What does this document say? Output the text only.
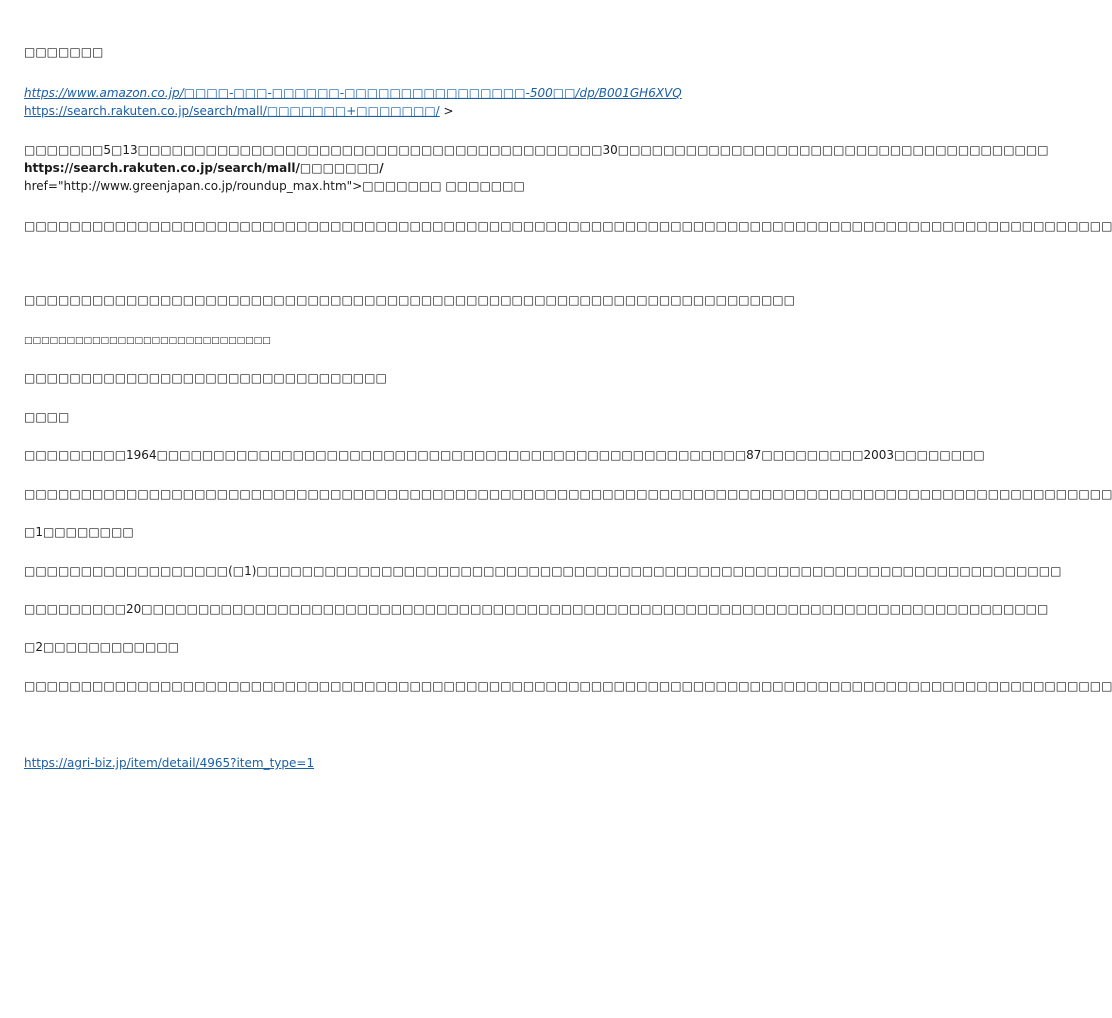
□□□□□□□
https://www.amazon.co.jp/□□□□-□□□-□□□□□□-□□□□□□□□□□□□□□□□-500□□/dp/B001GH6XVQ
https://search.rakuten.co.jp/search/mall/□□□□□□□+□□□□□□□/ >
□□□□□□□5□13□□□□□□□□□□□□□□□□□□□□□□□□□□□□□□□□□□□□□□□□□30□□□□□□□□□□□□□□□□□□□□□□□□□□□□□□□□□□□□□□
https://search.rakuten.co.jp/search/mall/□□□□□□□/
href="http://www.greenjapan.co.jp/roundup_max.htm">□□□□□□□ □□□□□□□
□□□□□□□□□□□□□□□□□□□□□□□□□□□□□□□□□□□□□□□□□□□□□□□□□□□□□□□□□□□□□□□□□□□□□□□□□□□□□□□□□□□□□□□□□□□□□□□□
□□□□□□□□□□□□□□□□□□□□□□□□□□□□□□□□□□□□□□□□□□□□□□□□□□□□□□□□□□□□□□□□□□□□
□□□□□□□□□□□□□□□□□□□□□□□□□□□□□
□□□□□□□□□□□□□□□□□□□□□□□□□□□□□□□□
□□□□
□□□□□□□□□1964□□□□□□□□□□□□□□□□□□□□□□□□□□□□□□□□□□□□□□□□□□□□□□□□□□□□87□□□□□□□□□2003□□□□□□□□
□□□□□□□□□□□□□□□□□□□□□□□□□□□□□□□□□□□□□□□□□□□□□□□□□□□□□□□□□□□□□□□□□□□□□□□□□□□□□□□□□□□□□□□□□□□□□□□□
□1□□□□□□□□
□□□□□□□□□□□□□□□□□□(□1)□□□□□□□□□□□□□□□□□□□□□□□□□□□□□□□□□□□□□□□□□□□□□□□□□□□□□□□□□□□□□□□□□□□□□□□
□□□□□□□□□20□□□□□□□□□□□□□□□□□□□□□□□□□□□□□□□□□□□□□□□□□□□□□□□□□□□□□□□□□□□□□□□□□□□□□□□□□□□□□□□□
□2□□□□□□□□□□□□
□□□□□□□□□□□□□□□□□□□□□□□□□□□□□□□□□□□□□□□□□□□□□□□□□□□□□□□□□□□□□□□□□□□□□□□□□□□□□□□□□□□□□□□□□□□□□□□□
https://agri-biz.jp/item/detail/4965?item_type=1
